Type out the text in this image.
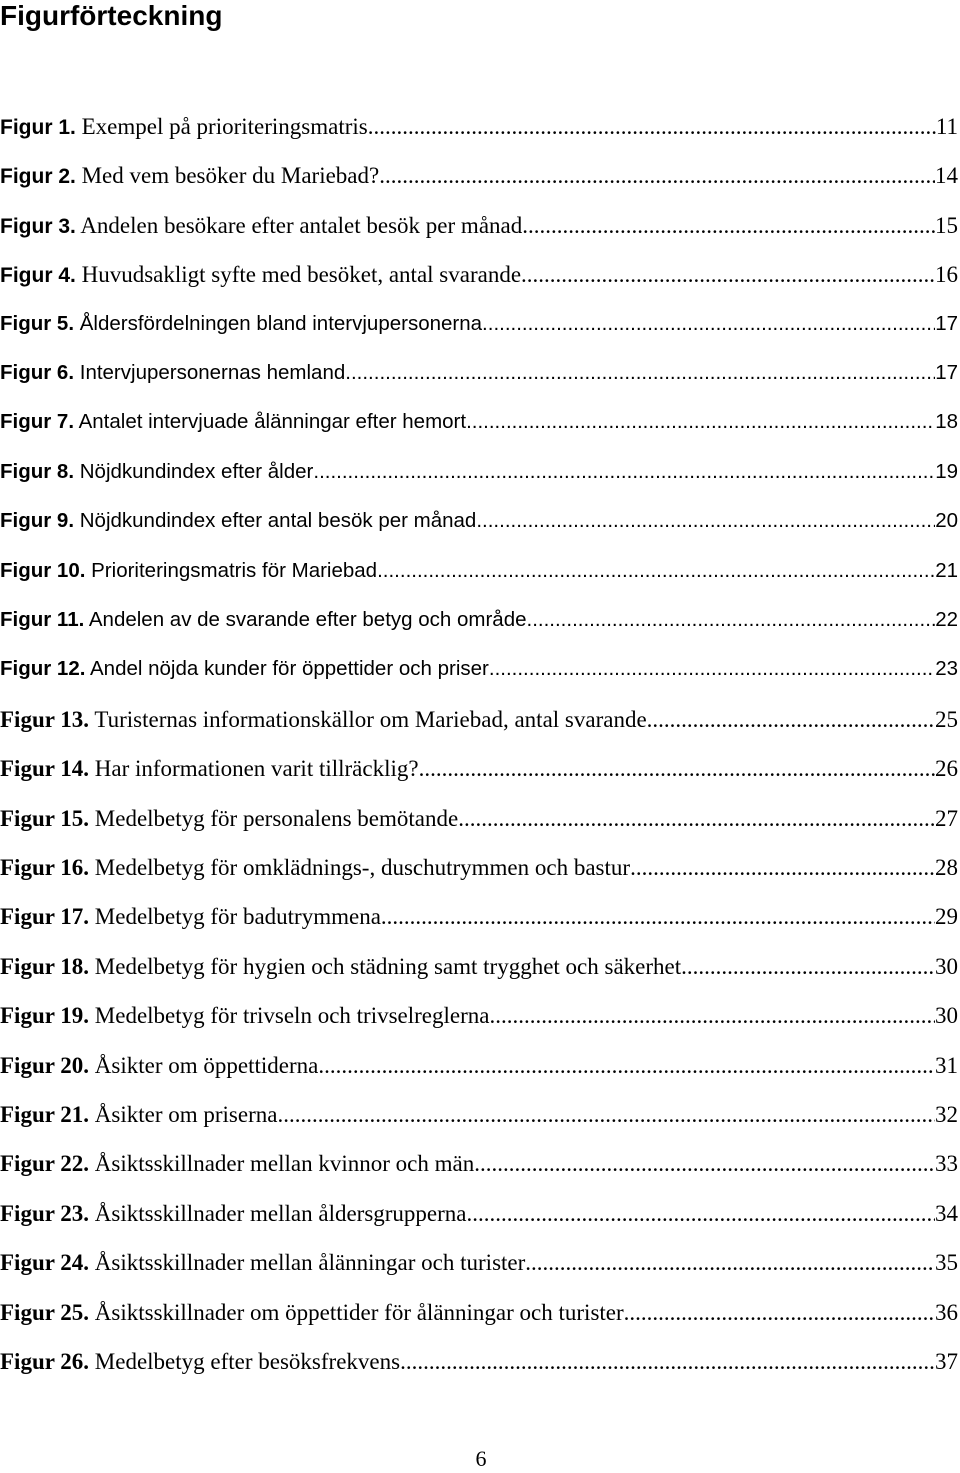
Figurförteckning
Figur 1. Exempel på prioriteringsmatris .....	11
Figur 2. Med vem besöker du Mariebad? .....	14
Figur 3. Andelen besökare efter antalet besök per månad .....	15
Figur 4. Huvudsakligt syfte med besöket, antal svarande .....	16
Figur 5. Åldersfördelningen bland intervjupersonerna .....	17
Figur 6. Intervjupersonernas hemland .....	17
Figur 7. Antalet intervjuade ålänningar efter hemort .....	18
Figur 8. Nöjdkundindex efter ålder .....	19
Figur 9. Nöjdkundindex efter antal besök per månad .....	20
Figur 10. Prioriteringsmatris för Mariebad .....	21
Figur 11. Andelen av de svarande efter betyg och område .....	22
Figur 12. Andel nöjda kunder för öppettider och priser .....	23
Figur 13. Turisternas informationskällor om Mariebad, antal svarande .....	25
Figur 14. Har informationen varit tillräcklig? .....	26
Figur 15. Medelbetyg för personalens bemötande .....	27
Figur 16. Medelbetyg för omklädnings-, duschutrymmen och bastur .....	28
Figur 17. Medelbetyg för badutrymmena .....	29
Figur 18. Medelbetyg för hygien och städning samt trygghet och säkerhet .....	30
Figur 19. Medelbetyg för trivseln och trivselreglerna .....	30
Figur 20. Åsikter om öppettiderna .....	31
Figur 21. Åsikter om priserna .....	32
Figur 22. Åsiktsskillnader mellan kvinnor och män .....	33
Figur 23. Åsiktsskillnader mellan åldersgrupperna .....	34
Figur 24. Åsiktsskillnader mellan ålänningar och turister .....	35
Figur 25. Åsiktsskillnader om öppettider för ålänningar och turister .....	36
Figur 26. Medelbetyg efter besöksfrekvens .....	37
6
